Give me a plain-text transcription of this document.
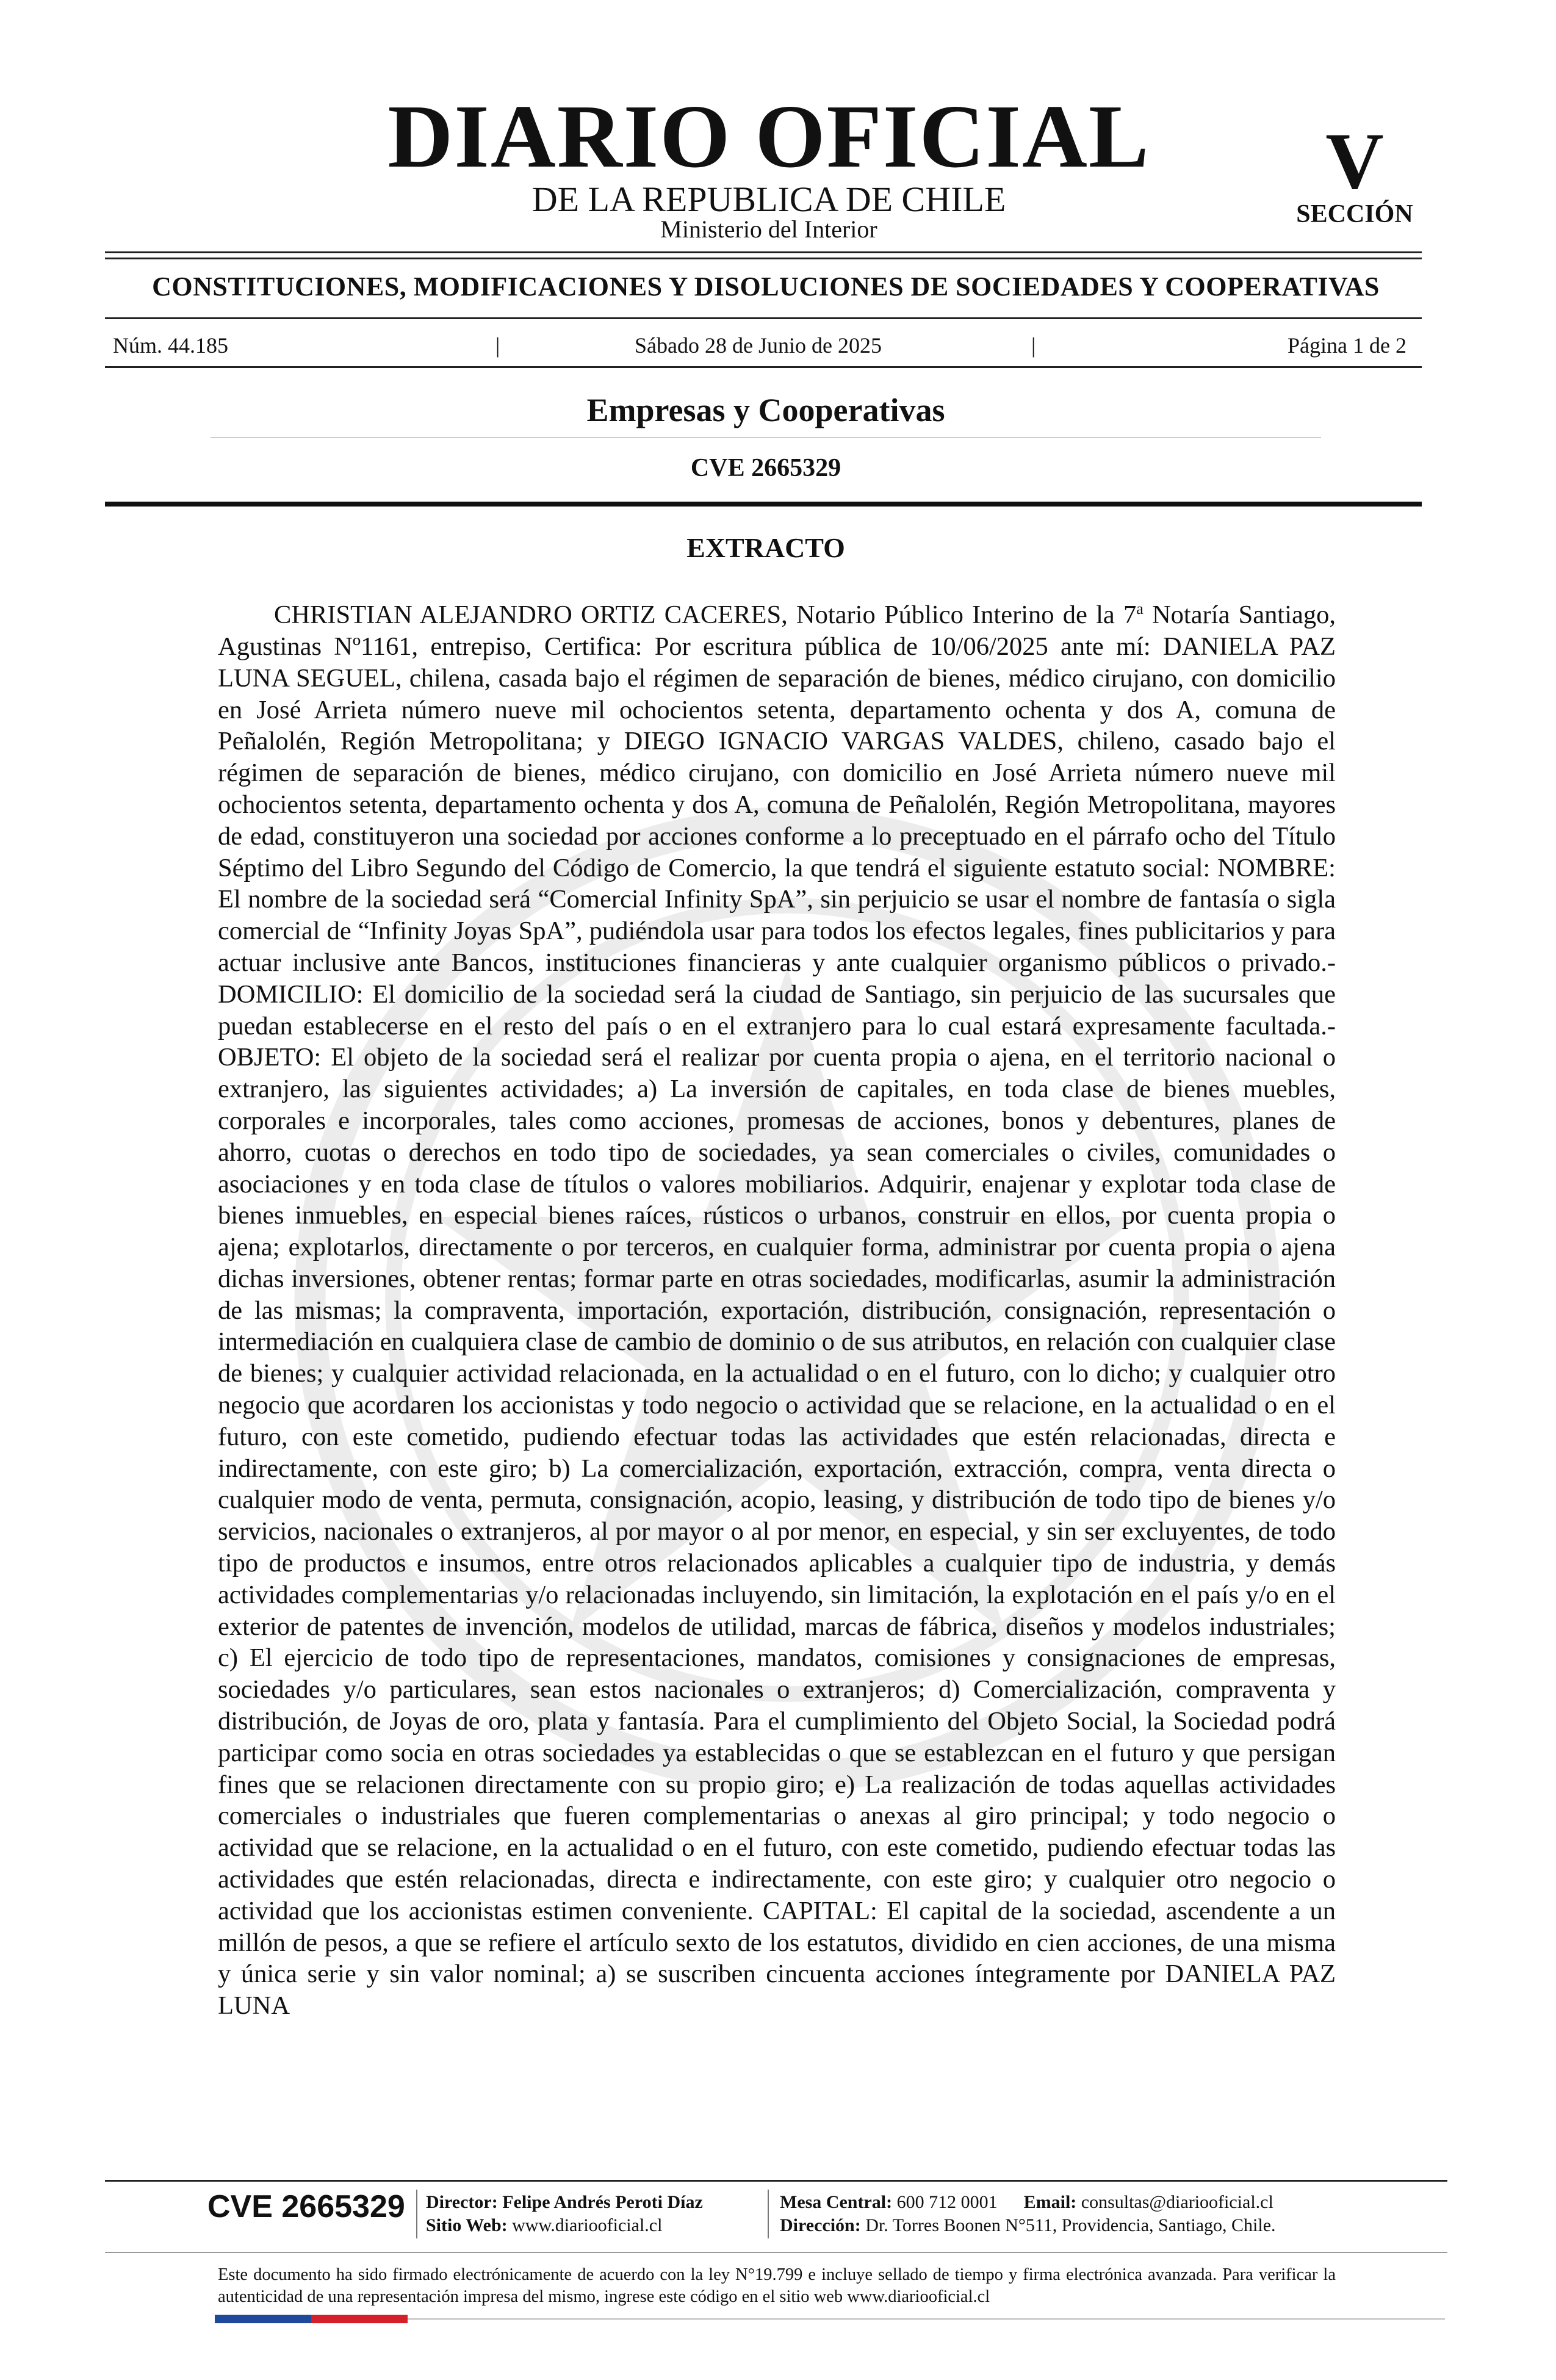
DIARIO OFICIAL
DE LA REPUBLICA DE CHILE
Ministerio del Interior
V
SECCIÓN
CONSTITUCIONES, MODIFICACIONES Y DISOLUCIONES DE SOCIEDADES Y COOPERATIVAS
Núm. 44.185	|	Sábado 28 de Junio de 2025	|	Página 1 de 2
Empresas y Cooperativas
CVE 2665329
EXTRACTO

CHRISTIAN ALEJANDRO ORTIZ CACERES, Notario Público Interino de la 7$^a$ Notaría Santiago, Agustinas Nº1161, entrepiso, Certifica: Por escritura pública de 10/06/2025 ante mí: DANIELA PAZ LUNA SEGUEL, chilena, casada bajo el régimen de separación de bienes, médico cirujano, con domicilio en José Arrieta número nueve mil ochocientos setenta, departamento ochenta y dos A, comuna de Peñalolén, Región Metropolitana; y DIEGO IGNACIO VARGAS VALDES, chileno, casado bajo el régimen de separación de bienes, médico cirujano, con domicilio en José Arrieta número nueve mil ochocientos setenta, departamento ochenta y dos A, comuna de Peñalolén, Región Metropolitana, mayores de edad, constituyeron una sociedad por acciones conforme a lo preceptuado en el párrafo ocho del Título Séptimo del Libro Segundo del Código de Comercio, la que tendrá el siguiente estatuto social: NOMBRE: El nombre de la sociedad será “Comercial Infinity SpA”, sin perjuicio se usar el nombre de fantasía o sigla comercial de “Infinity Joyas SpA”, pudiéndola usar para todos los efectos legales, fines publicitarios y para actuar inclusive ante Bancos, instituciones financieras y ante cualquier organismo públicos o privado.- DOMICILIO: El domicilio de la sociedad será la ciudad de Santiago, sin perjuicio de las sucursales que puedan establecerse en el resto del país o en el extranjero para lo cual estará expresamente facultada.- OBJETO: El objeto de la sociedad será el realizar por cuenta propia o ajena, en el territorio nacional o extranjero, las siguientes actividades; a) La inversión de capitales, en toda clase de bienes muebles, corporales e incorporales, tales como acciones, promesas de acciones, bonos y debentures, planes de ahorro, cuotas o derechos en todo tipo de sociedades, ya sean comerciales o civiles, comunidades o asociaciones y en toda clase de títulos o valores mobiliarios. Adquirir, enajenar y explotar toda clase de bienes inmuebles, en especial bienes raíces, rústicos o urbanos, construir en ellos, por cuenta propia o ajena; explotarlos, directamente o por terceros, en cualquier forma, administrar por cuenta propia o ajena dichas inversiones, obtener rentas; formar parte en otras sociedades, modificarlas, asumir la administración de las mismas; la compraventa, importación, exportación, distribución, consignación, representación o intermediación en cualquiera clase de cambio de dominio o de sus atributos, en relación con cualquier clase de bienes; y cualquier actividad relacionada, en la actualidad o en el futuro, con lo dicho; y cualquier otro negocio que acordaren los accionistas y todo negocio o actividad que se relacione, en la actualidad o en el futuro, con este cometido, pudiendo efectuar todas las actividades que estén relacionadas, directa e indirectamente, con este giro; b) La comercialización, exportación, extracción, compra, venta directa o cualquier modo de venta, permuta, consignación, acopio, leasing, y distribución de todo tipo de bienes y/o servicios, nacionales o extranjeros, al por mayor o al por menor, en especial, y sin ser excluyentes, de todo tipo de productos e insumos, entre otros relacionados aplicables a cualquier tipo de industria, y demás actividades complementarias y/o relacionadas incluyendo, sin limitación, la explotación en el país y/o en el exterior de patentes de invención, modelos de utilidad, marcas de fábrica, diseños y modelos industriales; c) El ejercicio de todo tipo de representaciones, mandatos, comisiones y consignaciones de empresas, sociedades y/o particulares, sean estos nacionales o extranjeros; d) Comercialización, compraventa y distribución, de Joyas de oro, plata y fantasía. Para el cumplimiento del Objeto Social, la Sociedad podrá participar como socia en otras sociedades ya establecidas o que se establezcan en el futuro y que persigan fines que se relacionen directamente con su propio giro; e) La realización de todas aquellas actividades comerciales o industriales que fueren complementarias o anexas al giro principal; y todo negocio o actividad que se relacione, en la actualidad o en el futuro, con este cometido, pudiendo efectuar todas las actividades que estén relacionadas, directa e indirectamente, con este giro; y cualquier otro negocio o actividad que los accionistas estimen conveniente. CAPITAL: El capital de la sociedad, ascendente a un millón de pesos, a que se refiere el artículo sexto de los estatutos, dividido en cien acciones, de una misma y única serie y sin valor nominal; a) se suscriben cincuenta acciones íntegramente por DANIELA PAZ LUNA

CVE 2665329 Director: Felipe Andrés Peroti Díaz
Sitio Web: www.diariooficial.cl
Mesa Central: 600 712 0001 Email: consultas@diariooficial.cl
Dirección: Dr. Torres Boonen N°511, Providencia, Santiago, Chile.

Este documento ha sido firmado electrónicamente de acuerdo con la ley N°19.799 e incluye sellado de tiempo y firma electrónica avanzada. Para verificar la autenticidad de una representación impresa del mismo, ingrese este código en el sitio web www.diariooficial.cl
